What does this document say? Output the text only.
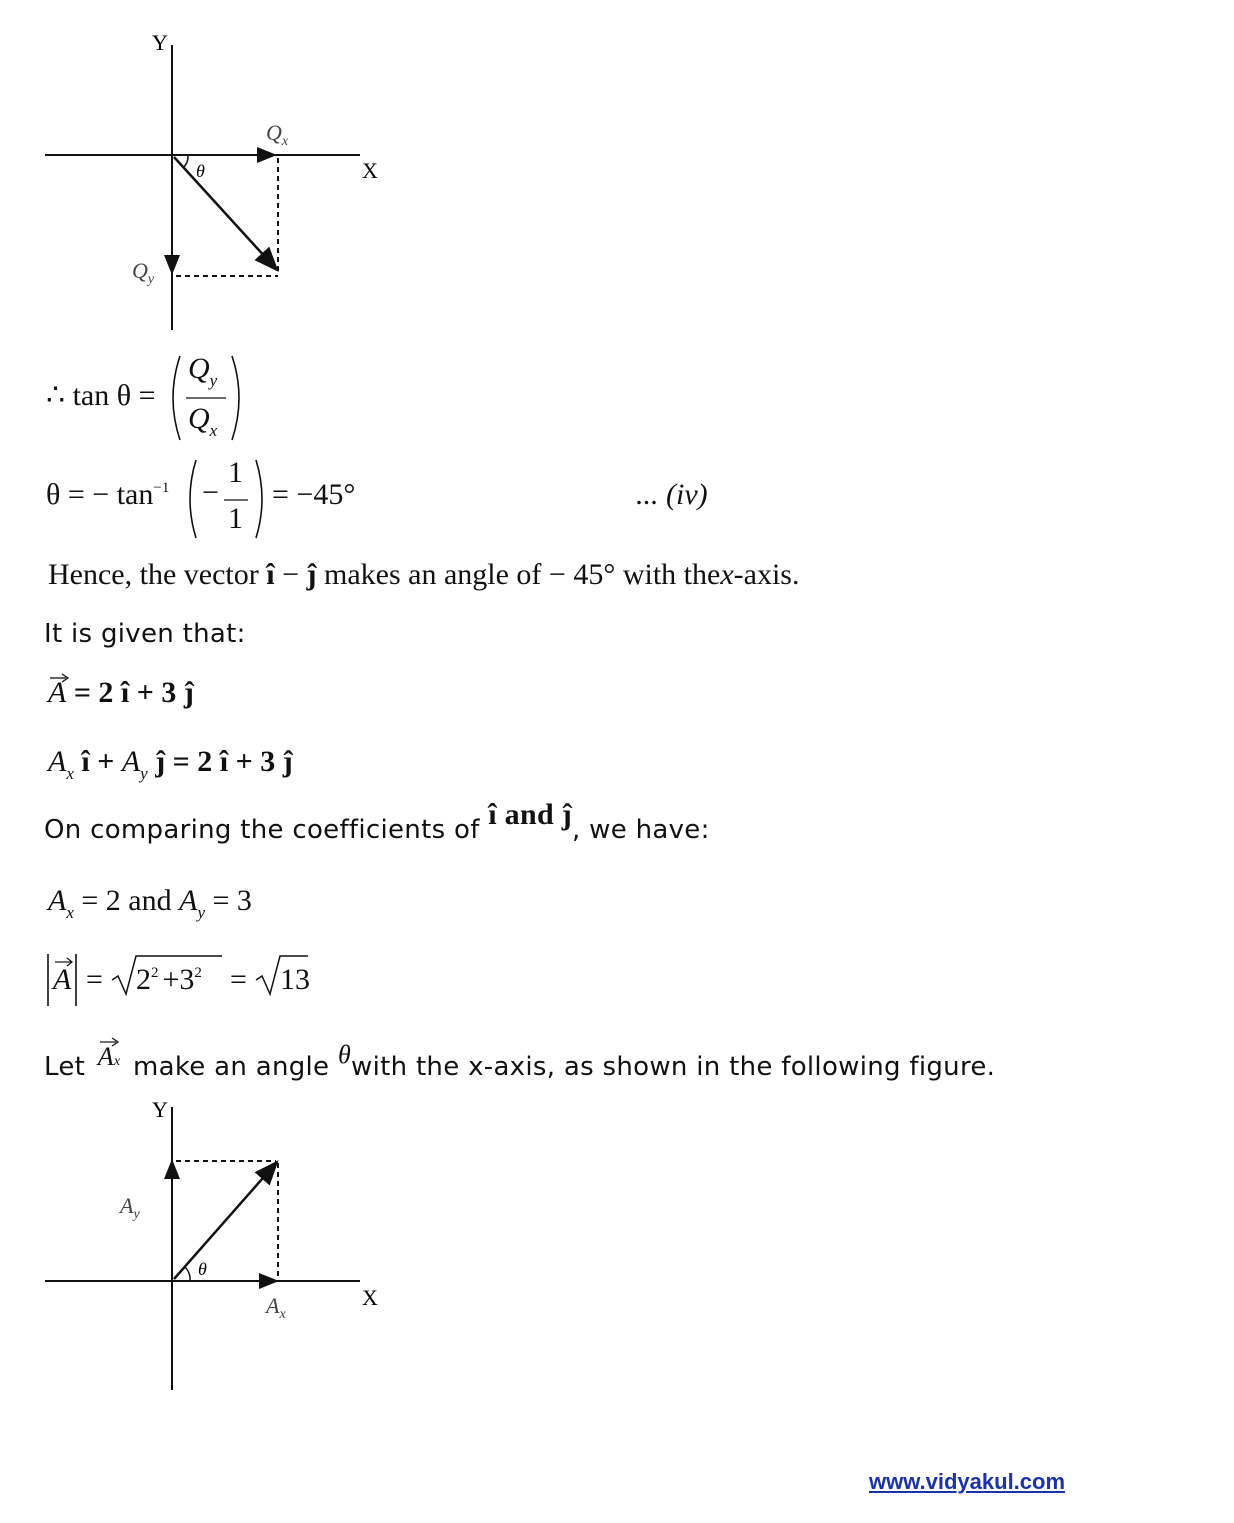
Y
X
θ
$Q_x$
$Q_y$
∴ tan θ =
$Q_y$
$Q_x$
θ = − $\tan^{-1}$ −
1
1
= −45°	... (iv)
Hence, the vector î − ĵ makes an angle of − 45° with thex-axis.
It is given that:
A = 2 î + 3 ĵ
$A_x$ î + $A_y$ ĵ = 2 î + 3 ĵ
On comparing the coefficients of î and ĵ, we have:
$A_x = 2$ and $A_y = 3$
$A = 2^2 +3^2 = 13$
Let Ax make an angle θwith the x-axis, as shown in the following figure.
Y
X
θ
$A_x$
$A_y$
www.vidyakul.com
